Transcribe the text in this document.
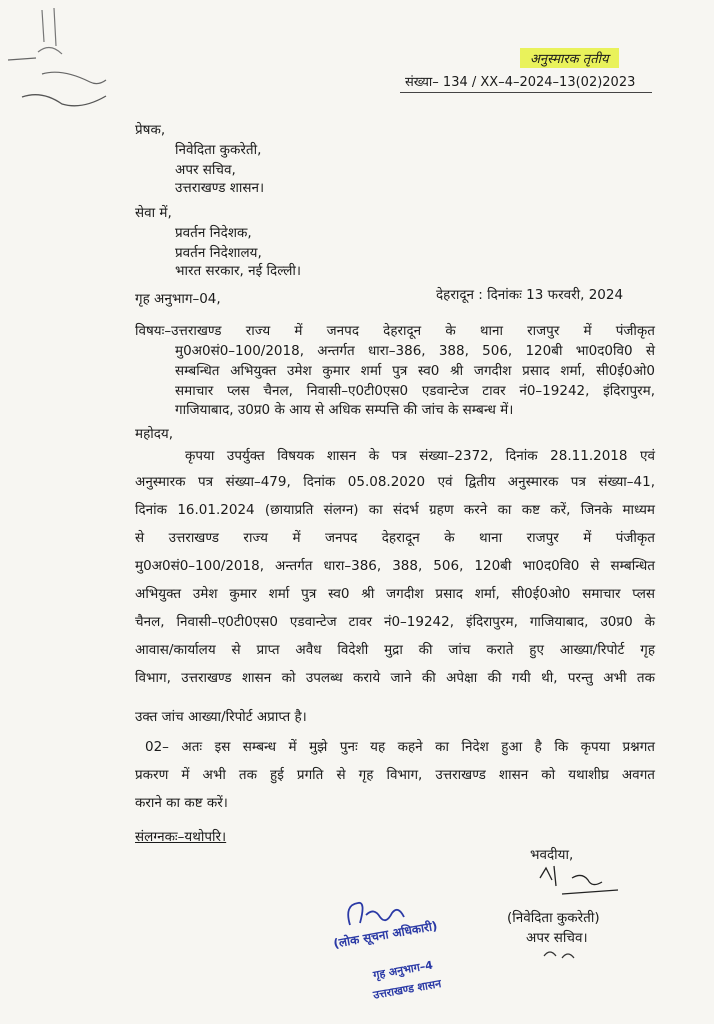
​
अनुस्मारक तृतीय
संख्या– 134 / XX–4–2024–13(02)2023
प्रेषक,
निवेदिता कुकरेती,
अपर सचिव,
उत्तराखण्ड शासन।
सेवा में,
प्रवर्तन निदेशक,
प्रवर्तन निदेशालय,
भारत सरकार, नई दिल्ली।
गृह अनुभाग–04,	देहरादून : दिनांकः 13 फरवरी, 2024
विषयः–उत्तराखण्ड राज्य में जनपद देहरादून के थाना राजपुर में पंजीकृत
मु0अ0सं0–100/2018, अन्तर्गत धारा–386, 388, 506, 120बी भा0द0वि0 से
सम्बन्धित अभियुक्त उमेश कुमार शर्मा पुत्र स्व0 श्री जगदीश प्रसाद शर्मा, सी0ई0ओ0
समाचार प्लस चैनल, निवासी–ए0टी0एस0 एडवान्टेज टावर नं0–19242, इंदिरापुरम,
गाजियाबाद, उ0प्र0 के आय से अधिक सम्पत्ति की जांच के सम्बन्ध में।
महोदय,
कृपया उपर्युक्त विषयक शासन के पत्र संख्या–2372, दिनांक 28.11.2018 एवं
अनुस्मारक पत्र संख्या–479, दिनांक 05.08.2020 एवं द्वितीय अनुस्मारक पत्र संख्या–41,
दिनांक 16.01.2024 (छायाप्रति संलग्न) का संदर्भ ग्रहण करने का कष्ट करें, जिनके माध्यम
से उत्तराखण्ड राज्य में जनपद देहरादून के थाना राजपुर में पंजीकृत
मु0अ0सं0–100/2018, अन्तर्गत धारा–386, 388, 506, 120बी भा0द0वि0 से सम्बन्धित
अभियुक्त उमेश कुमार शर्मा पुत्र स्व0 श्री जगदीश प्रसाद शर्मा, सी0ई0ओ0 समाचार प्लस
चैनल, निवासी–ए0टी0एस0 एडवान्टेज टावर नं0–19242, इंदिरापुरम, गाजियाबाद, उ0प्र0 के
आवास/कार्यालय से प्राप्त अवैध विदेशी मुद्रा की जांच कराते हुए आख्या/रिपोर्ट गृह
विभाग, उत्तराखण्ड शासन को उपलब्ध कराये जाने की अपेक्षा की गयी थी, परन्तु अभी तक
उक्त जांच आख्या/रिपोर्ट अप्राप्त है।
02– अतः इस सम्बन्ध में मुझे पुनः यह कहने का निदेश हुआ है कि कृपया प्रश्नगत
प्रकरण में अभी तक हुई प्रगति से गृह विभाग, उत्तराखण्ड शासन को यथाशीघ्र अवगत
कराने का कष्ट करें।
संलग्नकः–यथोपरि।
भवदीया,
(निवेदिता कुकरेती)
अपर सचिव।
(लोक सूचना अधिकारी)
गृह अनुभाग–4
उत्तराखण्ड शासन
